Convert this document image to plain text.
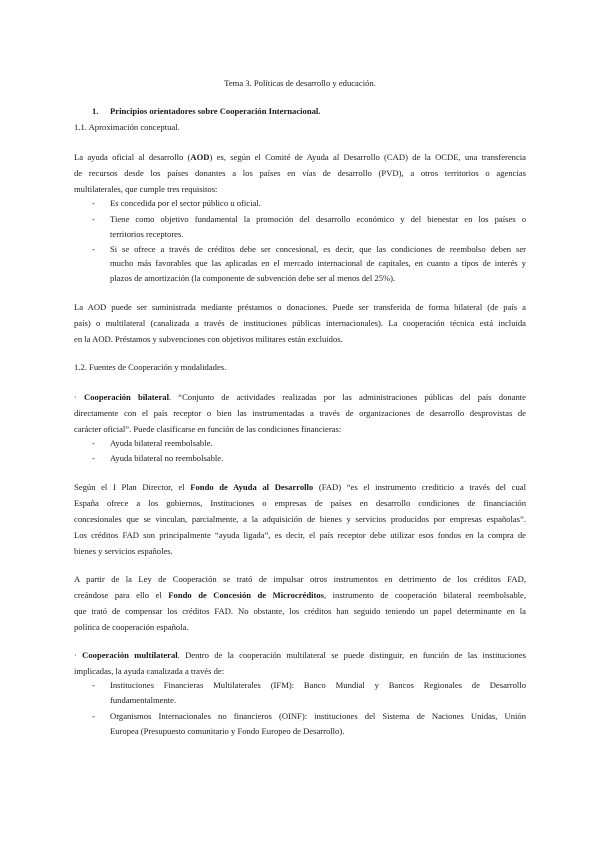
Tema 3. Políticas de desarrollo y educación.
1. Principios orientadores sobre Cooperación Internacional.
1.1. Aproximación conceptual.
La ayuda oficial al desarrollo (AOD) es, según el Comité de Ayuda al Desarrollo (CAD) de la OCDE, una transferencia
de recursos desde los países donantes a los países en vías de desarrollo (PVD), a otros territorios o agencias
multilaterales, que cumple tres requisitos:
- Es concedida por el sector público u oficial.
- Tiene como objetivo fundamental la promoción del desarrollo económico y del bienestar en los países o
territorios receptores.
- Si se ofrece a través de créditos debe ser concesional, es decir, que las condiciones de reembolso deben ser
mucho más favorables que las aplicadas en el mercado internacional de capitales, en cuanto a tipos de interés y
plazos de amortización (la componente de subvención debe ser al menos del 25%).
La AOD puede ser suministrada mediante préstamos o donaciones. Puede ser transferida de forma bilateral (de país a
país) o multilateral (canalizada a través de instituciones públicas internacionales). La cooperación técnica está incluida
en la AOD. Préstamos y subvenciones con objetivos militares están excluidos.
1.2. Fuentes de Cooperación y modalidades.
· Cooperación bilateral. “Conjunto de actividades realizadas por las administraciones públicas del país donante
directamente con el país receptor o bien las instrumentadas a través de organizaciones de desarrollo desprovistas de
carácter oficial”. Puede clasificarse en función de las condiciones financieras:
- Ayuda bilateral reembolsable.
- Ayuda bilateral no reembolsable.
Según el I Plan Director, el Fondo de Ayuda al Desarrollo (FAD) “es el instrumento crediticio a través del cual
España ofrece a los gobiernos, Instituciones o empresas de países en desarrollo condiciones de financiación
concesionales que se vinculan, parcialmente, a la adquisición de bienes y servicios producidos por empresas españolas”.
Los créditos FAD son principalmente “ayuda ligada”, es decir, el país receptor debe utilizar esos fondos en la compra de
bienes y servicios españoles.
A partir de la Ley de Cooperación se trató de impulsar otros instrumentos en detrimento de los créditos FAD,
creándose para ello el Fondo de Concesión de Microcréditos, instrumento de cooperación bilateral reembolsable,
que trató de compensar los créditos FAD. No obstante, los créditos han seguido teniendo un papel determinante en la
política de cooperación española.
· Cooperación multilateral. Dentro de la cooperación multilateral se puede distinguir, en función de las instituciones
implicadas, la ayuda canalizada a través de:
- Instituciones Financieras Multilaterales (IFM): Banco Mundial y Bancos Regionales de Desarrollo
fundamentalmente.
- Organismos Internacionales no financieros (OINF): instituciones del Sistema de Naciones Unidas, Unión
Europea (Presupuesto comunitario y Fondo Europeo de Desarrollo).
